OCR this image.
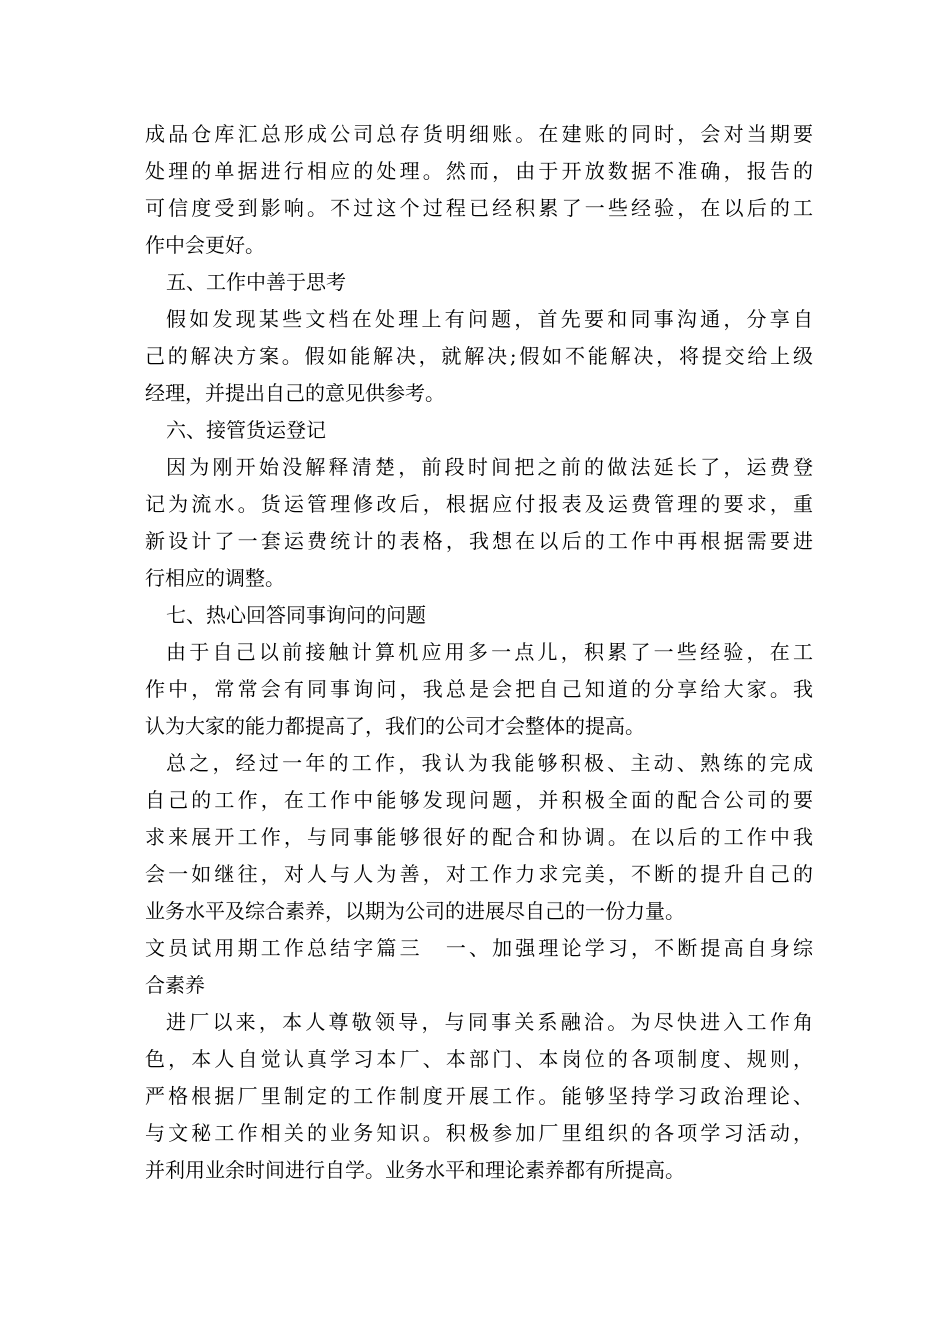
成品仓库汇总形成公司总存货明细账。在建账的同时，会对当期要
处理的单据进行相应的处理。然而，由于开放数据不准确，报告的
可信度受到影响。不过这个过程已经积累了一些经验，在以后的工
作中会更好。
五、工作中善于思考
假如发现某些文档在处理上有问题，首先要和同事沟通，分享自
己的解决方案。假如能解决，就解决;假如不能解决，将提交给上级
经理，并提出自己的意见供参考。
六、接管货运登记
因为刚开始没解释清楚，前段时间把之前的做法延长了，运费登
记为流水。货运管理修改后，根据应付报表及运费管理的要求，重
新设计了一套运费统计的表格，我想在以后的工作中再根据需要进
行相应的调整。
七、热心回答同事询问的问题
由于自己以前接触计算机应用多一点儿，积累了一些经验，在工
作中，常常会有同事询问，我总是会把自己知道的分享给大家。我
认为大家的能力都提高了，我们的公司才会整体的提高。
总之，经过一年的工作，我认为我能够积极、主动、熟练的完成
自己的工作，在工作中能够发现问题，并积极全面的配合公司的要
求来展开工作，与同事能够很好的配合和协调。在以后的工作中我
会一如继往，对人与人为善，对工作力求完美，不断的提升自己的
业务水平及综合素养，以期为公司的进展尽自己的一份力量。
文员试用期工作总结字篇三　一、加强理论学习，不断提高自身综
合素养
进厂以来，本人尊敬领导，与同事关系融洽。为尽快进入工作角
色，本人自觉认真学习本厂、本部门、本岗位的各项制度、规则，
严格根据厂里制定的工作制度开展工作。能够坚持学习政治理论、
与文秘工作相关的业务知识。积极参加厂里组织的各项学习活动，
并利用业余时间进行自学。业务水平和理论素养都有所提高。
